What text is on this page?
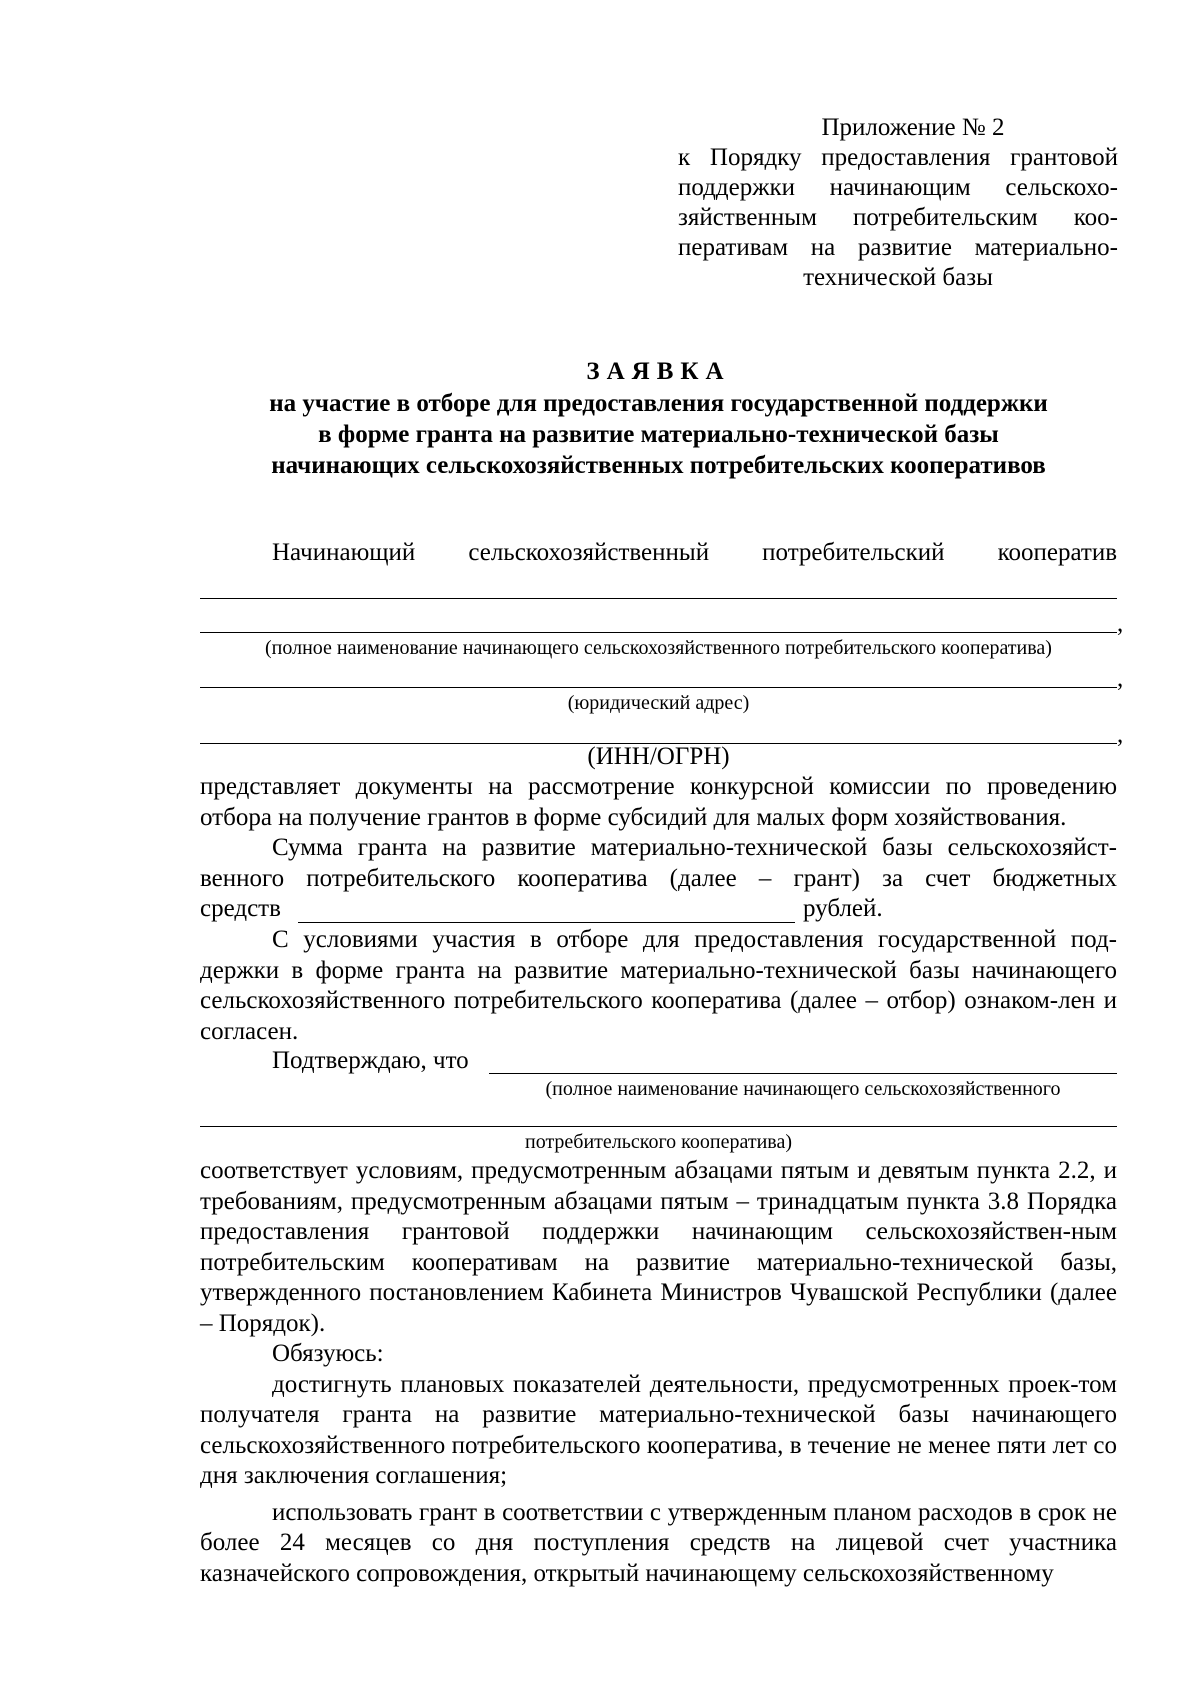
Приложение № 2
к Порядку предоставления грантовой
поддержки начинающим сельскохо-
зяйственным потребительским коо-
перативам на развитие материально-
технической базы
ЗАЯВКА
на участие в отборе для предоставления государственной поддержки
в форме гранта на развитие материально-технической базы
начинающих сельскохозяйственных потребительских кооперативов
Начинающий сельскохозяйственный потребительский кооператив
,
(полное наименование начинающего сельскохозяйственного потребительского кооператива)
,
(юридический адрес)
,
(ИНН/ОГРН)
представляет документы на рассмотрение конкурсной комиссии по проведению
отбора на получение грантов в форме субсидий для малых форм хозяйствования.
Сумма гранта на развитие материально-технической базы сельскохозяйст-
венного потребительского кооператива (далее – грант) за счет бюджетных
средств	рублей.

С условиями участия в отборе для предоставления государственной под-держки в форме гранта на развитие материально-технической базы начинающего сельскохозяйственного потребительского кооператива (далее – отбор) ознаком-лен и согласен.

Подтверждаю, что
(полное наименование начинающего сельскохозяйственного
потребительского кооператива)

соответствует условиям, предусмотренным абзацами пятым и девятым пункта 2.2, и требованиям, предусмотренным абзацами пятым – тринадцатым пункта 3.8 Порядка предоставления грантовой поддержки начинающим сельскохозяйствен-ным потребительским кооперативам на развитие материально-технической базы, утвержденного постановлением Кабинета Министров Чувашской Республики (далее – Порядок).

Обязуюсь:

достигнуть плановых показателей деятельности, предусмотренных проек-том получателя гранта на развитие материально-технической базы начинающего сельскохозяйственного потребительского кооператива, в течение не менее пяти лет со дня заключения соглашения;

использовать грант в соответствии с утвержденным планом расходов в срок не более 24 месяцев со дня поступления средств на лицевой счет участника казначейского сопровождения, открытый начинающему сельскохозяйственному
